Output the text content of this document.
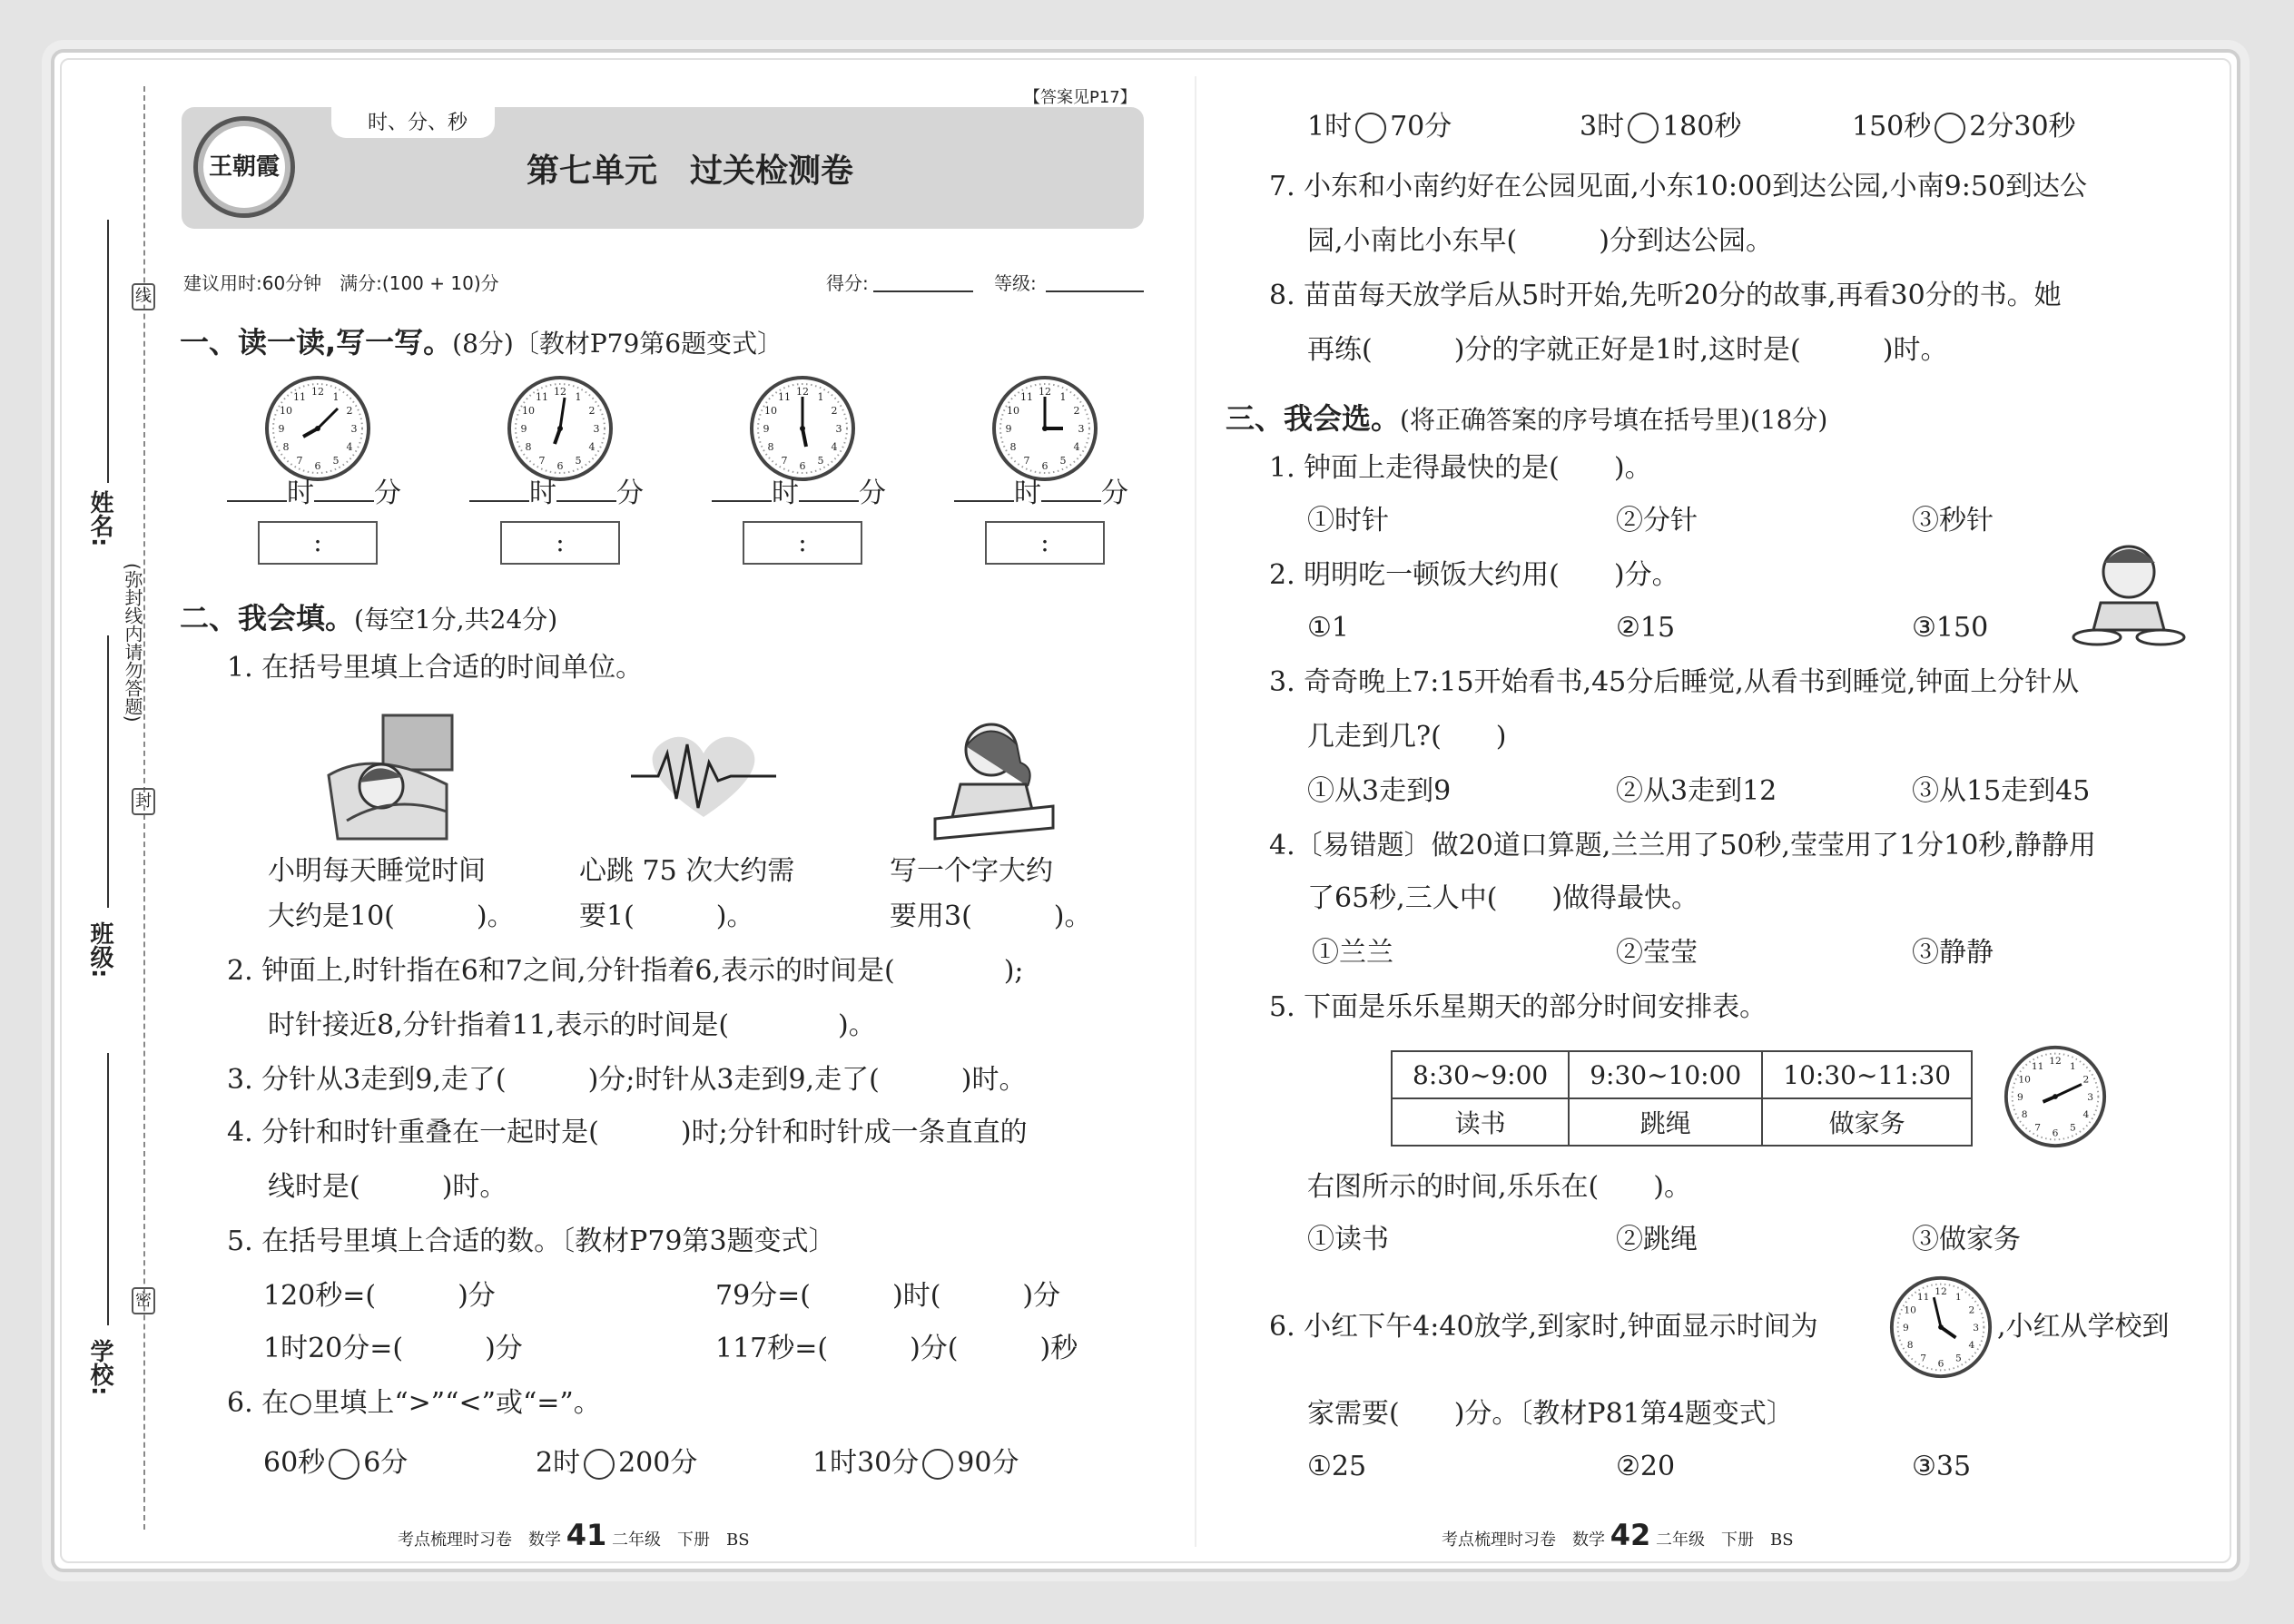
线
封
密
(弥封线内请勿答题)
姓名:
班级:
学校:
时、分、秒
王朝霞	第七单元　过关检测卷
【答案见P17】
建议用时:60分钟　满分:(100 + 10)分	得分:	等级:
一、读一读,写一写。(8分)〔教材P79第6题变式〕
12 1
2
3
4
5
6
7
8
9
10
11	12 1
2
3
4
5
6
7
8
9
10
11	12 1
2
3
4
5
6
7
8
9
10
11	12 1
2
3
4
5
6
7
8
9
10
11
时 分	时 分	时 分	时 分
:	:	:	:
二、我会填。(每空1分,共24分)
1. 在括号里填上合适的时间单位。
小明每天睡觉时间
大约是10(　　　)。
心跳 75 次大约需
要1(　　　)。
写一个字大约
要用3(　　　)。
2. 钟面上,时针指在6和7之间,分针指着6,表示的时间是(　　　　);
时针接近8,分针指着11,表示的时间是(　　　　)。
3. 分针从3走到9,走了(　　　)分;时针从3走到9,走了(　　　)时。
4. 分针和时针重叠在一起时是(　　　)时;分针和时针成一条直直的
线时是(　　　)时。
5. 在括号里填上合适的数。〔教材P79第3题变式〕
120秒=(　　　)分	79分=(　　　)时(　　　)分
1时20分=(　　　)分	117秒=(　　　)分(　　　)秒
6. 在○里填上“>”“<”或“=”。
60秒 6分	2时 200分	1时30分 90分
1时 70分	3时 180秒	150秒 2分30秒
7. 小东和小南约好在公园见面,小东10:00到达公园,小南9:50到达公
园,小南比小东早(　　　)分到达公园。
8. 苗苗每天放学后从5时开始,先听20分的故事,再看30分的书。她
再练(　　　)分的字就正好是1时,这时是(　　　)时。
三、我会选。(将正确答案的序号填在括号里)(18分)
1. 钟面上走得最快的是(　　)。
①时针	②分针	③秒针
2. 明明吃一顿饭大约用(　　)分。
①1	②15	③150
3. 奇奇晚上7:15开始看书,45分后睡觉,从看书到睡觉,钟面上分针从
几走到几?(　　)
①从3走到9	②从3走到12	③从15走到45
4.〔易错题〕做20道口算题,兰兰用了50秒,莹莹用了1分10秒,静静用
了65秒,三人中(　　)做得最快。
①兰兰	②莹莹	③静静
5. 下面是乐乐星期天的部分时间安排表。
8:30~9:00	9:30~10:00	10:30~11:30
读书	跳绳	做家务
12 1
2
3
4
5
6
7
8
9
10
11
右图所示的时间,乐乐在(　　)。
①读书	②跳绳	③做家务
6. 小红下午4:40放学,到家时,钟面显示时间为
12 1
2
3
4
5
6
7
8
9
10
11
,小红从学校到
家需要(　　)分。〔教材P81第4题变式〕
①25	②20	③35
考点梳理时习卷　数学 41 二年级　下册　BS	考点梳理时习卷　数学 42 二年级　下册　BS
